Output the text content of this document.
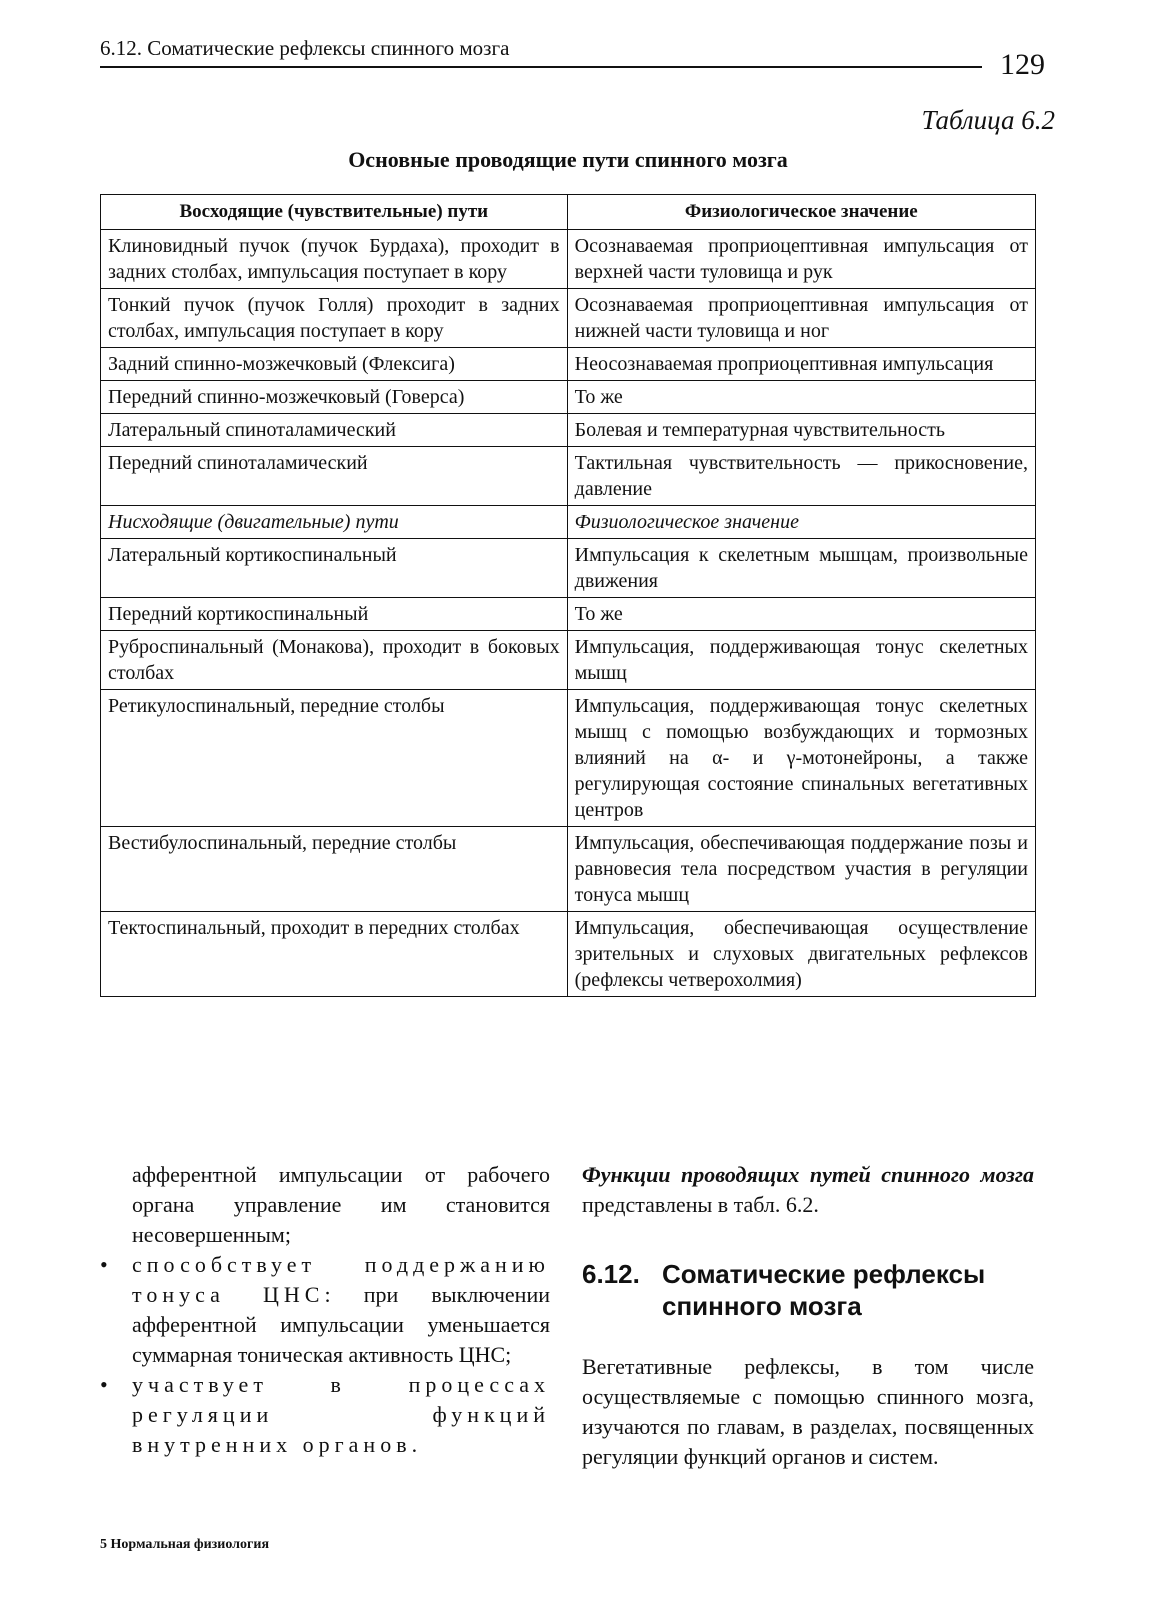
6.12. Соматические рефлексы спинного мозга	129
Таблица 6.2
Основные проводящие пути спинного мозга
Восходящие (чувствительные) пути	Физиологическое значение
Клиновидный пучок (пучок Бурдаха), проходит в задних столбах, импульсация поступает в кору	Осознаваемая проприоцептивная импульсация от верхней части туловища и рук
Тонкий пучок (пучок Голля) проходит в задних столбах, импульсация поступает в кору	Осознаваемая проприоцептивная импульсация от нижней части туловища и ног
Задний спинно-мозжечковый (Флексига)	Неосознаваемая проприоцептивная импульсация
Передний спинно-мозжечковый (Говерса)	То же
Латеральный спиноталамический	Болевая и температурная чувствительность
Передний спиноталамический	Тактильная чувствительность — прикосновение, давление
Нисходящие (двигательные) пути	Физиологическое значение
Латеральный кортикоспинальный	Импульсация к скелетным мышцам, произвольные движения
Передний кортикоспинальный	То же
Руброспинальный (Монакова), проходит в боковых столбах	Импульсация, поддерживающая тонус скелетных мышц
Ретикулоспинальный, передние столбы	Импульсация, поддерживающая тонус скелетных мышц с помощью возбуждающих и тормозных влияний на α- и γ-мотонейроны, а также регулирующая состояние спинальных вегетативных центров
Вестибулоспинальный, передние столбы	Импульсация, обеспечивающая поддержание позы и равновесия тела посредством участия в регуляции тонуса мышц
Тектоспинальный, проходит в передних столбах	Импульсация, обеспечивающая осуществление зрительных и слуховых двигательных рефлексов (рефлексы четверохолмия)

афферентной импульсации от рабочего органа управление им становится несовершенным;

• способствует поддержанию тонуса ЦНС: при выключении афферентной импульсации уменьшается суммарная тоническая активность ЦНС;
• участвует в процессах регуляции функций внутренних органов.

Функции проводящих путей спинного мозга представлены в табл. 6.2.

6.12. Соматические рефлексы спинного мозга

Вегетативные рефлексы, в том числе осуществляемые с помощью спинного мозга, изучаются по главам, в разделах, посвященных регуляции функций органов и систем.

5 Нормальная физиология
